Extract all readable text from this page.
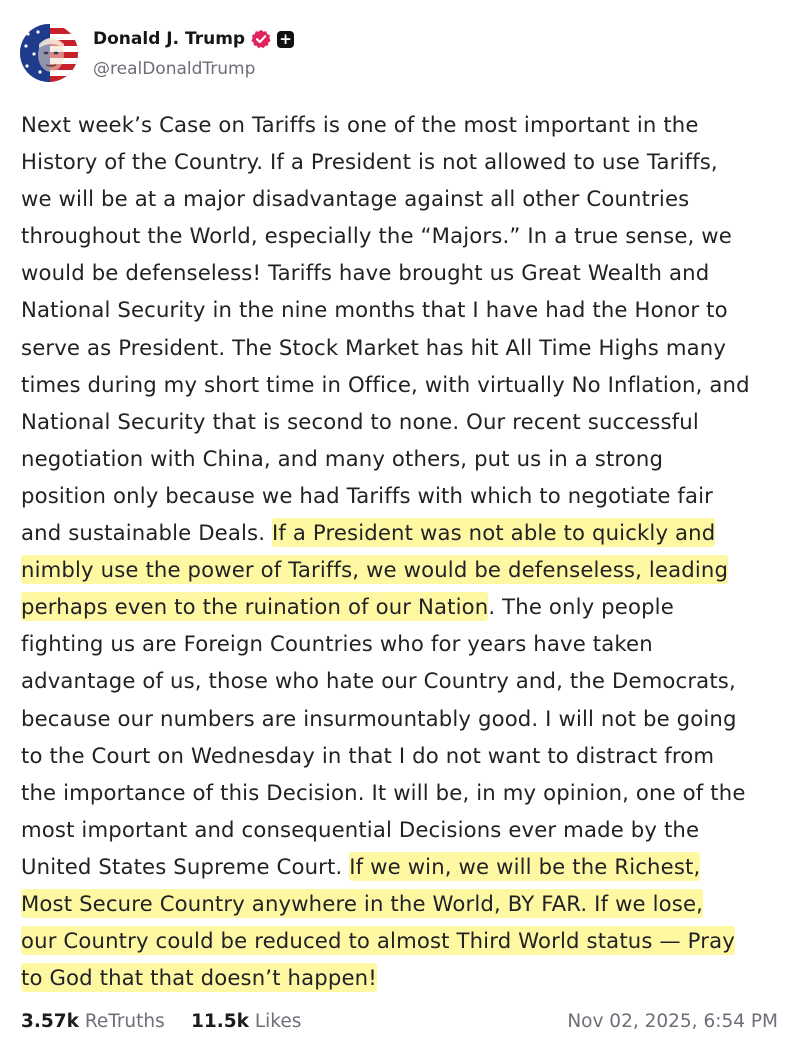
Donald J. Trump +
@realDonaldTrump
Next week’s Case on Tariffs is one of the most important in the
History of the Country. If a President is not allowed to use Tariffs,
we will be at a major disadvantage against all other Countries
throughout the World, especially the “Majors.” In a true sense, we
would be defenseless! Tariffs have brought us Great Wealth and
National Security in the nine months that I have had the Honor to
serve as President. The Stock Market has hit All Time Highs many
times during my short time in Office, with virtually No Inflation, and
National Security that is second to none. Our recent successful
negotiation with China, and many others, put us in a strong
position only because we had Tariffs with which to negotiate fair
and sustainable Deals. If a President was not able to quickly and
nimbly use the power of Tariffs, we would be defenseless, leading
perhaps even to the ruination of our Nation. The only people
fighting us are Foreign Countries who for years have taken
advantage of us, those who hate our Country and, the Democrats,
because our numbers are insurmountably good. I will not be going
to the Court on Wednesday in that I do not want to distract from
the importance of this Decision. It will be, in my opinion, one of the
most important and consequential Decisions ever made by the
United States Supreme Court. If we win, we will be the Richest,
Most Secure Country anywhere in the World, BY FAR. If we lose,
our Country could be reduced to almost Third World status — Pray
to God that that doesn’t happen!
3.57k ReTruths 11.5k Likes	Nov 02, 2025, 6:54 PM
